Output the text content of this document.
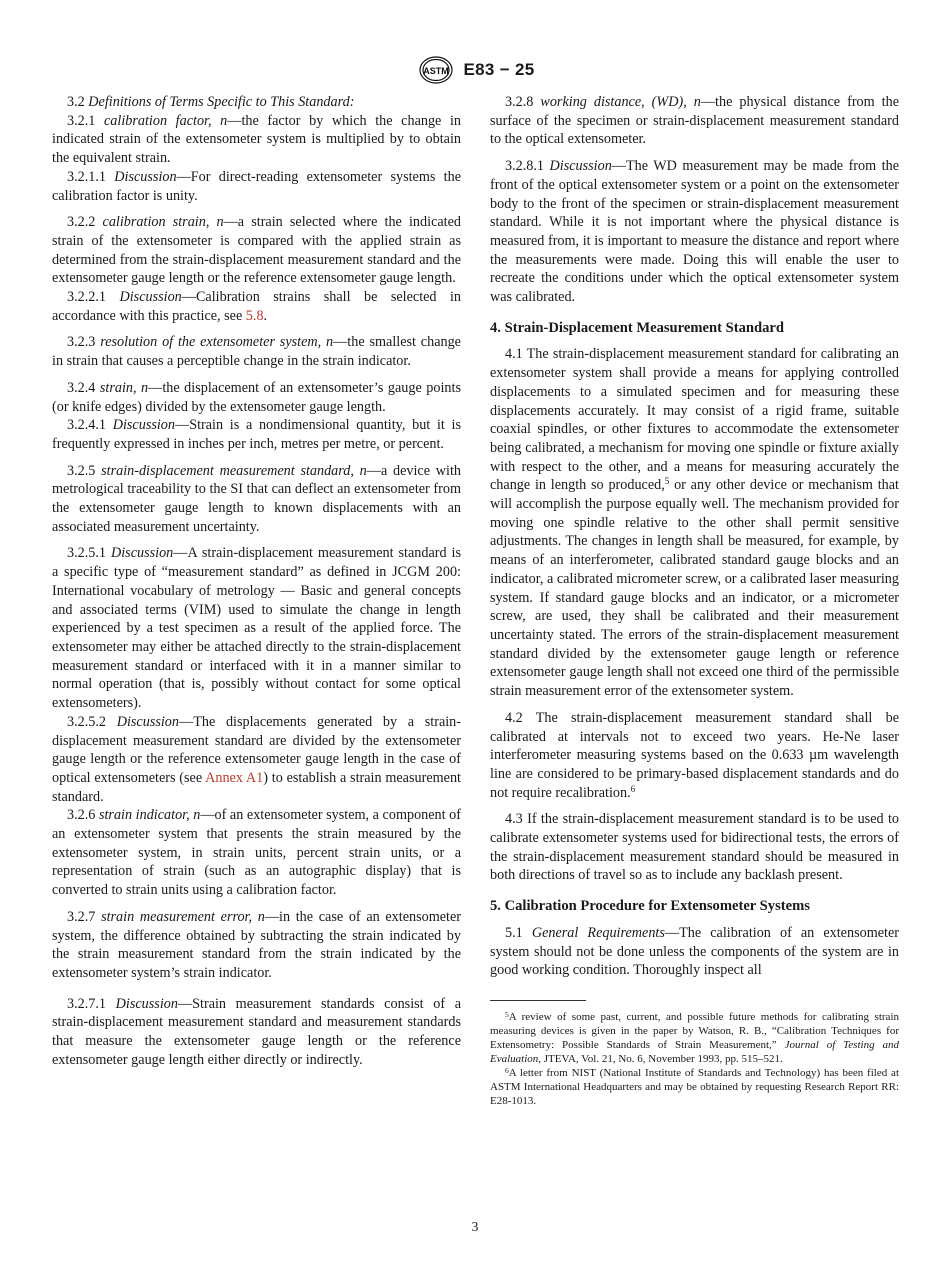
ASTM E83 − 25

3.2 Definitions of Terms Specific to This Standard:

3.2.1 calibration factor, n—the factor by which the change in indicated strain of the extensometer system is multiplied by to obtain the equivalent strain.

3.2.1.1 Discussion—For direct-reading extensometer systems the calibration factor is unity.

3.2.2 calibration strain, n—a strain selected where the indicated strain of the extensometer is compared with the applied strain as determined from the strain-displacement measurement standard and the extensometer gauge length or the reference extensometer gauge length.

3.2.2.1 Discussion—Calibration strains shall be selected in accordance with this practice, see 5.8.

3.2.3 resolution of the extensometer system, n—the smallest change in strain that causes a perceptible change in the strain indicator.

3.2.4 strain, n—the displacement of an extensometer’s gauge points (or knife edges) divided by the extensometer gauge length.

3.2.4.1 Discussion—Strain is a nondimensional quantity, but it is frequently expressed in inches per inch, metres per metre, or percent.

3.2.5 strain-displacement measurement standard, n—a device with metrological traceability to the SI that can deflect an extensometer from the extensometer gauge length to known displacements with an associated measurement uncertainty.

3.2.5.1 Discussion—A strain-displacement measurement standard is a specific type of “measurement standard” as defined in JCGM 200: International vocabulary of metrology — Basic and general concepts and associated terms (VIM) used to simulate the change in length experienced by a test specimen as a result of the applied force. The extensometer may either be attached directly to the strain-displacement measurement standard or interfaced with it in a manner similar to normal operation (that is, possibly without contact for some optical extensometers).

3.2.5.2 Discussion—The displacements generated by a strain-displacement measurement standard are divided by the extensometer gauge length or the reference extensometer gauge length in the case of optical extensometers (see Annex A1) to establish a strain measurement standard.

3.2.6 strain indicator, n—of an extensometer system, a component of an extensometer system that presents the strain measured by the extensometer system, in strain units, percent strain units, or a representation of strain (such as an autographic display) that is converted to strain units using a calibration factor.

3.2.7 strain measurement error, n—in the case of an extensometer system, the difference obtained by subtracting the strain indicated by the strain measurement standard from the strain indicated by the extensometer system’s strain indicator.

3.2.7.1 Discussion—Strain measurement standards consist of a strain-displacement measurement standard and measurement standards that measure the extensometer gauge length or the reference extensometer gauge length either directly or indirectly.

3.2.8 working distance, (WD), n—the physical distance from the surface of the specimen or strain-displacement measurement standard to the optical extensometer.

3.2.8.1 Discussion—The WD measurement may be made from the front of the optical extensometer system or a point on the extensometer body to the front of the specimen or strain-displacement measurement standard. While it is not important where the physical distance is measured from, it is important to measure the distance and report where the measurements were made. Doing this will enable the user to recreate the conditions under which the optical extensometer system was calibrated.

4. Strain-Displacement Measurement Standard

4.1 The strain-displacement measurement standard for calibrating an extensometer system shall provide a means for applying controlled displacements to a simulated specimen and for measuring these displacements accurately. It may consist of a rigid frame, suitable coaxial spindles, or other fixtures to accommodate the extensometer being calibrated, a mechanism for moving one spindle or fixture axially with respect to the other, and a means for measuring accurately the change in length so produced,$^5$ or any other device or mechanism that will accomplish the purpose equally well. The mechanism provided for moving one spindle relative to the other shall permit sensitive adjustments. The changes in length shall be measured, for example, by means of an interferometer, calibrated standard gauge blocks and an indicator, a calibrated micrometer screw, or a calibrated laser measuring system. If standard gauge blocks and an indicator, or a micrometer screw, are used, they shall be calibrated and their measurement uncertainty stated. The errors of the strain-displacement measurement standard divided by the extensometer gauge length or reference extensometer gauge length shall not exceed one third of the permissible strain measurement error of the extensometer system.

4.2 The strain-displacement measurement standard shall be calibrated at intervals not to exceed two years. He-Ne laser interferometer measuring systems based on the 0.633 µm wavelength line are considered to be primary-based displacement standards and do not require recalibration.$^6$

4.3 If the strain-displacement measurement standard is to be used to calibrate extensometer systems used for bidirectional tests, the errors of the strain-displacement measurement standard should be measured in both directions of travel so as to include any backlash present.

5. Calibration Procedure for Extensometer Systems

5.1 General Requirements—The calibration of an extensometer system should not be done unless the components of the system are in good working condition. Thoroughly inspect all

$^5$A review of some past, current, and possible future methods for calibrating strain measuring devices is given in the paper by Watson, R. B., “Calibration Techniques for Extensometry: Possible Standards of Strain Measurement,” Journal of Testing and Evaluation, JTEVA, Vol. 21, No. 6, November 1993, pp. 515–521.

$^6$A letter from NIST (National Institute of Standards and Technology) has been filed at ASTM International Headquarters and may be obtained by requesting Research Report RR: E28-1013.

3
